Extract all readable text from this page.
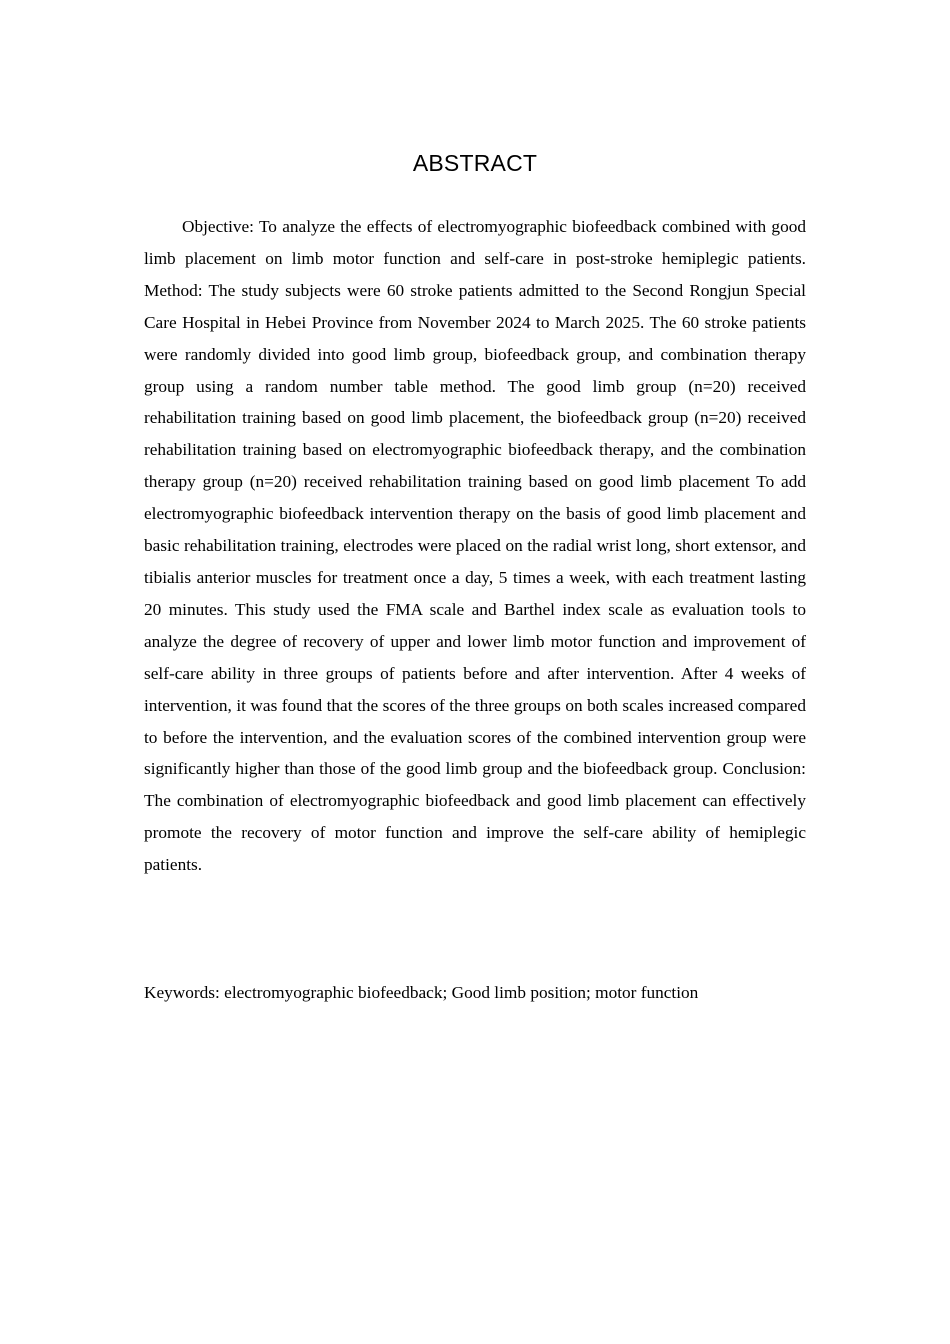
ABSTRACT

Objective: To analyze the effects of electromyographic biofeedback combined with good limb placement on limb motor function and self-care in post-stroke hemiplegic patients. Method: The study subjects were 60 stroke patients admitted to the Second Rongjun Special Care Hospital in Hebei Province from November 2024 to March 2025. The 60 stroke patients were randomly divided into good limb group, biofeedback group, and combination therapy group using a random number table method. The good limb group (n=20) received rehabilitation training based on good limb placement, the biofeedback group (n=20) received rehabilitation training based on electromyographic biofeedback therapy, and the combination therapy group (n=20) received rehabilitation training based on good limb placement To add electromyographic biofeedback intervention therapy on the basis of good limb placement and basic rehabilitation training, electrodes were placed on the radial wrist long, short extensor, and tibialis anterior muscles for treatment once a day, 5 times a week, with each treatment lasting 20 minutes. This study used the FMA scale and Barthel index scale as evaluation tools to analyze the degree of recovery of upper and lower limb motor function and improvement of self-care ability in three groups of patients before and after intervention. After 4 weeks of intervention, it was found that the scores of the three groups on both scales increased compared to before the intervention, and the evaluation scores of the combined intervention group were significantly higher than those of the good limb group and the biofeedback group. Conclusion: The combination of electromyographic biofeedback and good limb placement can effectively promote the recovery of motor function and improve the self-care ability of hemiplegic patients.

Keywords: electromyographic biofeedback; Good limb position; motor function
